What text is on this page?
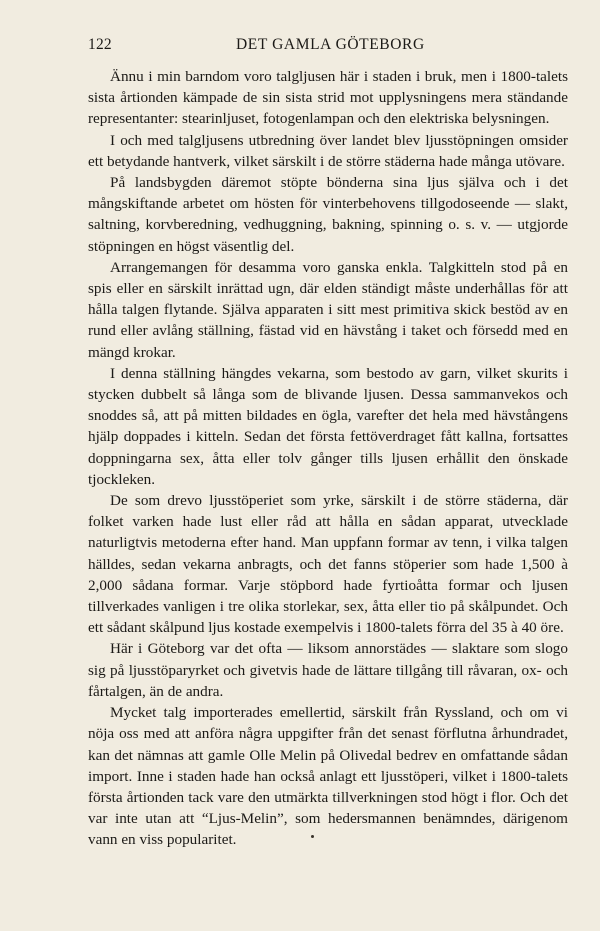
122	DET GAMLA GÖTEBORG

Ännu i min barndom voro talgljusen här i staden i bruk, men i 1800-talets sista årtionden kämpade de sin sista strid mot upplysningens mera ständande representanter: stearinljuset, fotogenlampan och den elektriska belysningen.

I och med talgljusens utbredning över landet blev ljusstöpningen omsider ett betydande hantverk, vilket särskilt i de större städerna hade många utövare.

På landsbygden däremot stöpte bönderna sina ljus själva och i det mångskiftande arbetet om hösten för vinterbehovens tillgodoseende — slakt, saltning, korvberedning, vedhuggning, bakning, spinning o. s. v. — utgjorde stöpningen en högst väsentlig del.

Arrangemangen för desamma voro ganska enkla. Talgkitteln stod på en spis eller en särskilt inrättad ugn, där elden ständigt måste underhållas för att hålla talgen flytande. Själva apparaten i sitt mest primitiva skick bestöd av en rund eller avlång ställning, fästad vid en hävstång i taket och försedd med en mängd krokar.

I denna ställning hängdes vekarna, som bestodo av garn, vilket skurits i stycken dubbelt så långa som de blivande ljusen. Dessa sammanvekos och snoddes så, att på mitten bildades en ögla, varefter det hela med hävstångens hjälp doppades i kitteln. Sedan det första fettöverdraget fått kallna, fortsattes doppningarna sex, åtta eller tolv gånger tills ljusen erhållit den önskade tjockleken.

De som drevo ljusstöperiet som yrke, särskilt i de större städerna, där folket varken hade lust eller råd att hålla en sådan apparat, utvecklade naturligtvis metoderna efter hand. Man uppfann formar av tenn, i vilka talgen hälldes, sedan vekarna anbragts, och det fanns stöperier som hade 1,500 à 2,000 sådana formar. Varje stöpbord hade fyrtioåtta formar och ljusen tillverkades vanligen i tre olika storlekar, sex, åtta eller tio på skålpundet. Och ett sådant skålpund ljus kostade exempelvis i 1800-talets förra del 35 à 40 öre.

Här i Göteborg var det ofta — liksom annorstädes — slaktare som slogo sig på ljusstöparyrket och givetvis hade de lättare tillgång till råvaran, ox- och fårtalgen, än de andra.

Mycket talg importerades emellertid, särskilt från Ryssland, och om vi nöja oss med att anföra några uppgifter från det senast förflutna århundradet, kan det nämnas att gamle Olle Melin på Olivedal bedrev en omfattande sådan import. Inne i staden hade han också anlagt ett ljusstöperi, vilket i 1800-talets första årtionden tack vare den utmärkta tillverkningen stod högt i flor. Och det var inte utan att “Ljus-Melin”, som hedersmannen benämndes, därigenom vann en viss popularitet.
